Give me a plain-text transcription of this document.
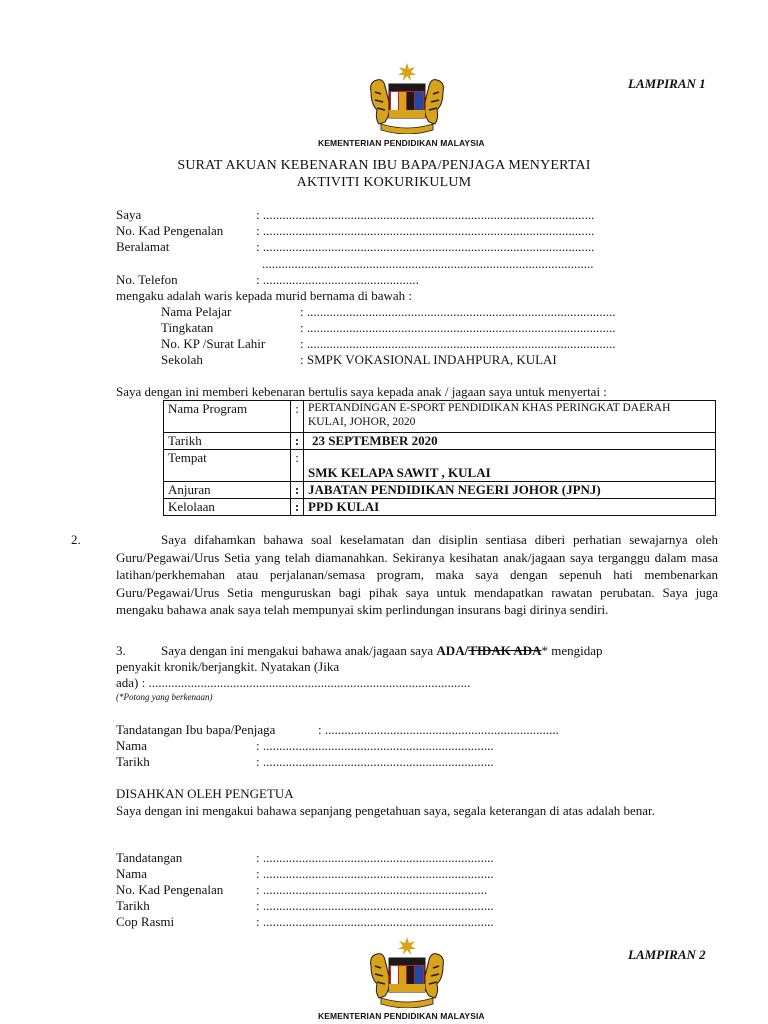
LAMPIRAN 1
KEMENTERIAN PENDIDIKAN MALAYSIA
SURAT AKUAN KEBENARAN IBU BAPA/PENJAGA MENYERTAI
AKTIVITI KOKURIKULUM
Saya	: ......................................................................................................
No. Kad Pengenalan	: ......................................................................................................
Beralamat	: ......................................................................................................
......................................................................................................
No. Telefon	: ................................................
mengaku adalah waris kepada murid bernama di bawah :
Nama Pelajar	: ...............................................................................................
Tingkatan	: ...............................................................................................
No. KP /Surat Lahir	: ...............................................................................................
Sekolah	: SMPK VOKASIONAL INDAHPURA, KULAI
Saya dengan ini memberi kebenaran bertulis saya kepada anak / jagaan saya untuk menyertai :
Nama Program	:	PERTANDINGAN E-SPORT PENDIDIKAN KHAS PERINGKAT DAERAH KULAI, JOHOR, 2020
Tarikh	:	23 SEPTEMBER 2020
Tempat	:	SMK KELAPA SAWIT , KULAI
Anjuran	:	JABATAN PENDIDIKAN NEGERI JOHOR (JPNJ)
Kelolaan	:	PPD KULAI
2.	Saya difahamkan bahawa soal keselamatan dan disiplin sentiasa diberi perhatian sewajarnya oleh Guru/Pegawai/Urus Setia yang telah diamanahkan. Sekiranya kesihatan anak/jagaan saya terganggu dalam masa latihan/perkhemahan atau perjalanan/semasa program, maka saya dengan sepenuh hati membenarkan Guru/Pegawai/Urus Setia menguruskan bagi pihak saya untuk mendapatkan rawatan perubatan. Saya juga mengaku bahawa anak saya telah mempunyai skim perlindungan insurans bagi dirinya sendiri.
3.	Saya dengan ini mengakui bahawa anak/jagaan saya ADA/TIDAK ADA* mengidap
penyakit kronik/berjangkit. Nyatakan (Jika
ada) : ...................................................................................................
(*Potong yang berkenaan)
Tandatangan Ibu bapa/Penjaga	: ........................................................................
Nama	: .......................................................................
Tarikh	: .......................................................................
DISAHKAN OLEH PENGETUA
Saya dengan ini mengakui bahawa sepanjang pengetahuan saya, segala keterangan di atas adalah benar.
Tandatangan	: .......................................................................
Nama	: .......................................................................
No. Kad Pengenalan	: .....................................................................
Tarikh	: .......................................................................
Cop Rasmi	: .......................................................................
LAMPIRAN 2
KEMENTERIAN PENDIDIKAN MALAYSIA
